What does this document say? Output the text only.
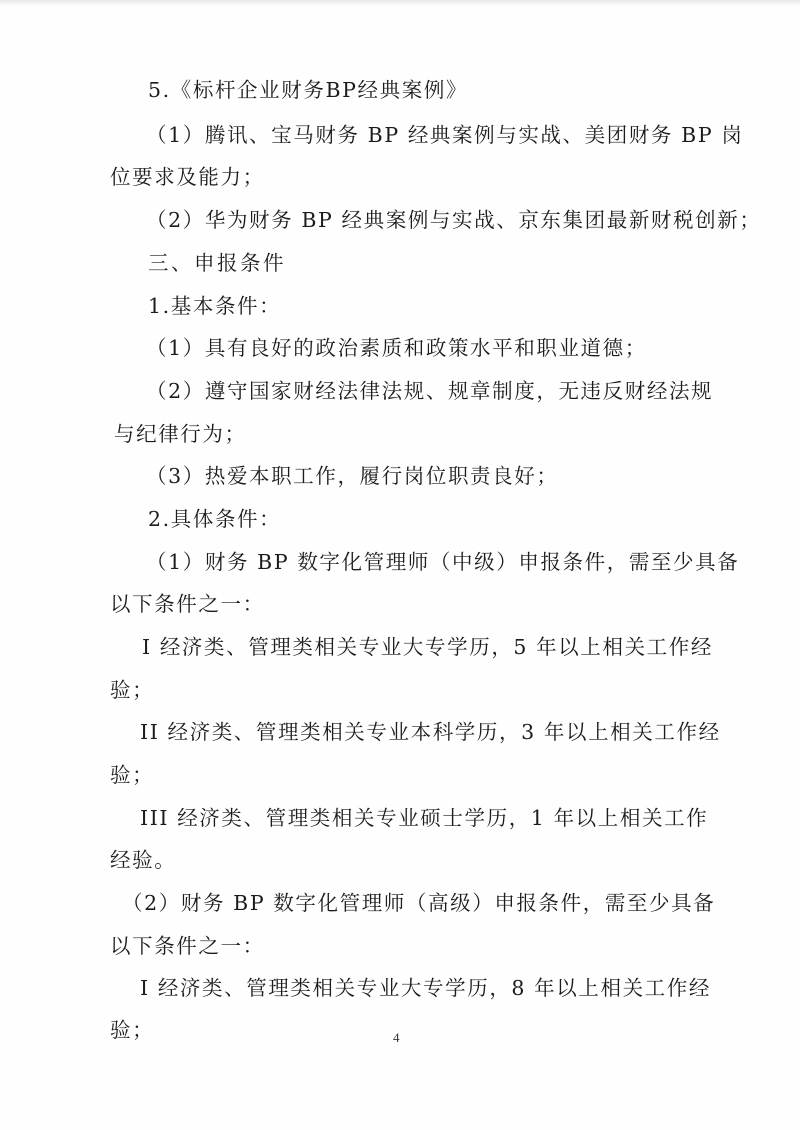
5.《标杆企业财务BP经典案例》
（1）腾讯、宝马财务 BP 经典案例与实战、美团财务 BP 岗
位要求及能力；
（2）华为财务 BP 经典案例与实战、京东集团最新财税创新；
三、申报条件
1.基本条件：
（1）具有良好的政治素质和政策水平和职业道德；
（2）遵守国家财经法律法规、规章制度，无违反财经法规
与纪律行为；
（3）热爱本职工作，履行岗位职责良好；
2.具体条件：
（1）财务 BP 数字化管理师（中级）申报条件，需至少具备
以下条件之一：
I 经济类、管理类相关专业大专学历，5 年以上相关工作经
验；
II 经济类、管理类相关专业本科学历，3 年以上相关工作经
验；
III 经济类、管理类相关专业硕士学历，1 年以上相关工作
经验。
（2）财务 BP 数字化管理师（高级）申报条件，需至少具备
以下条件之一：
I 经济类、管理类相关专业大专学历，8 年以上相关工作经
验；	4
